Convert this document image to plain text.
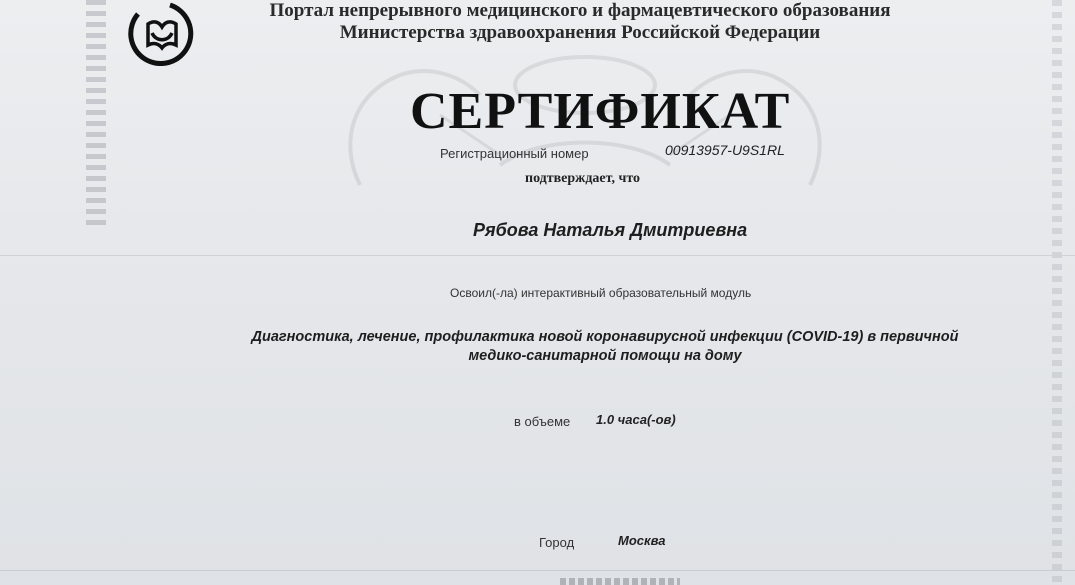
Портал непрерывного медицинского и фармацевтического образования
Министерства здравоохранения Российской Федерации
СЕРТИФИКАТ
Регистрационный номер	00913957-U9S1RL
подтверждает, что
Рябова Наталья Дмитриевна
Освоил(-ла) интерактивный образовательный модуль
Диагностика, лечение, профилактика новой коронавирусной инфекции (COVID-19) в первичной
медико-санитарной помощи на дому
в объеме 1.0 часа(-ов)
Город	Москва
